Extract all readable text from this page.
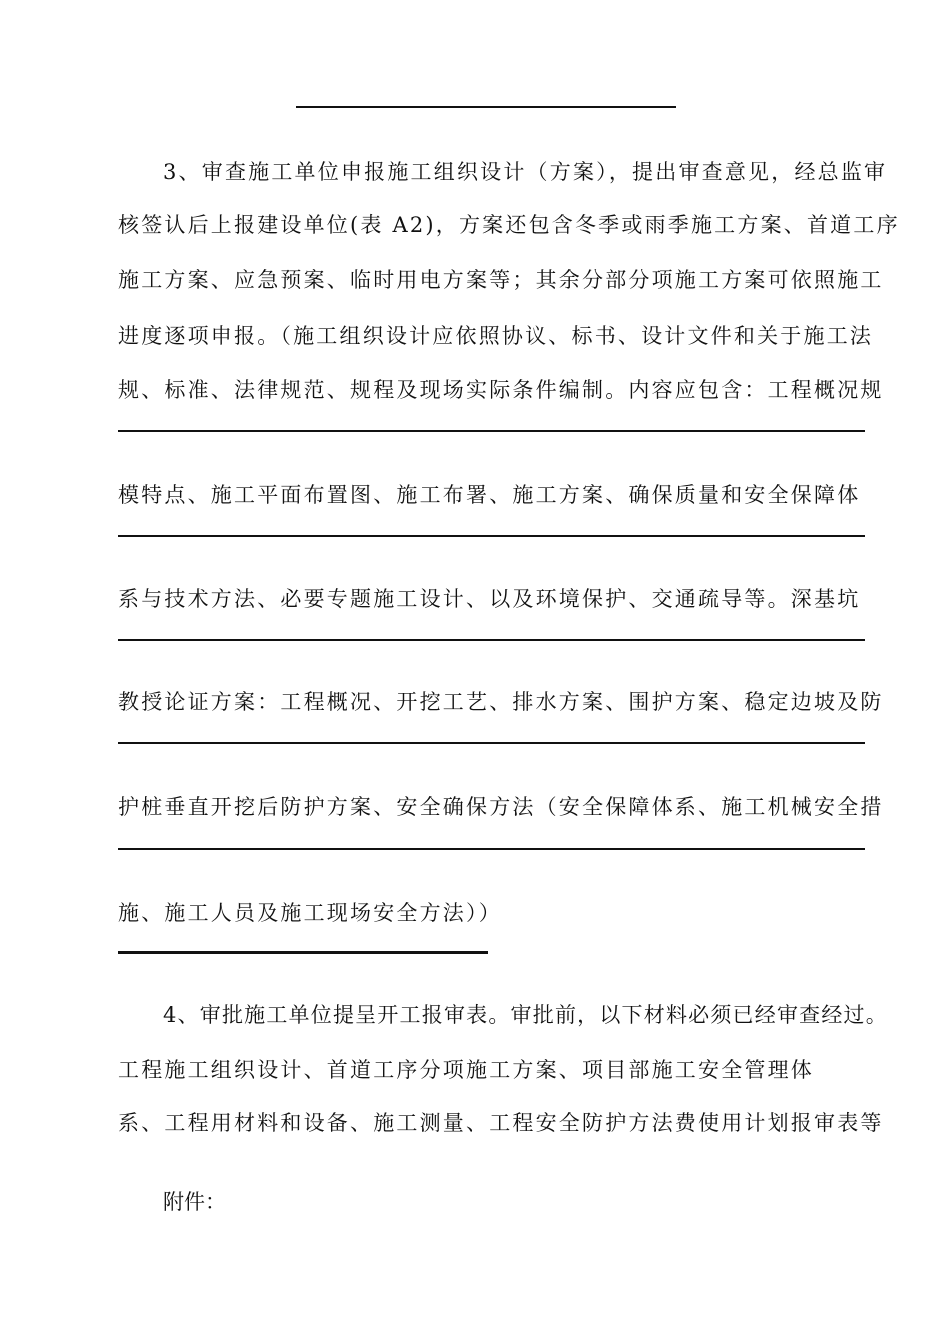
3、审查施工单位申报施工组织设计（方案），提出审查意见，经总监审
核签认后上报建设单位(表 A2)，方案还包含冬季或雨季施工方案、首道工序
施工方案、应急预案、临时用电方案等；其余分部分项施工方案可依照施工
进度逐项申报。（施工组织设计应依照协议、标书、设计文件和关于施工法
规、标准、法律规范、规程及现场实际条件编制。内容应包含：工程概况规
模特点、施工平面布置图、施工布署、施工方案、确保质量和安全保障体
系与技术方法、必要专题施工设计、以及环境保护、交通疏导等。深基坑
教授论证方案：工程概况、开挖工艺、排水方案、围护方案、稳定边坡及防
护桩垂直开挖后防护方案、安全确保方法（安全保障体系、施工机械安全措
施、施工人员及施工现场安全方法））
4、审批施工单位提呈开工报审表。审批前，以下材料必须已经审查经过。
工程施工组织设计、首道工序分项施工方案、项目部施工安全管理体
系、工程用材料和设备、施工测量、工程安全防护方法费使用计划报审表等
附件：
